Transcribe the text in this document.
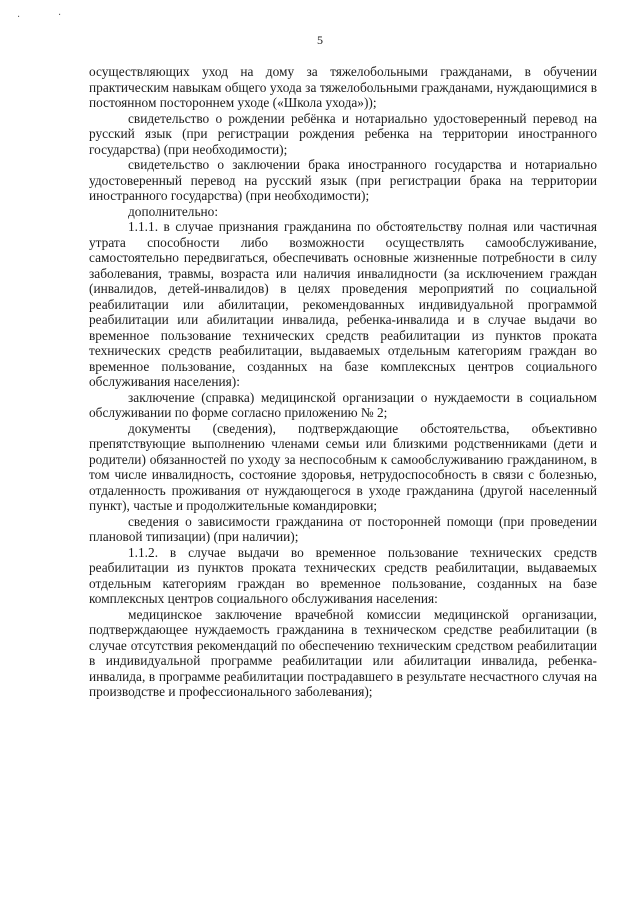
·	·
5

осуществляющих уход на дому за тяжелобольными гражданами, в обучении практическим навыкам общего ухода за тяжелобольными гражданами, нуждающимися в постоянном постороннем уходе («Школа ухода»));

свидетельство о рождении ребёнка и нотариально удостоверенный перевод на русский язык (при регистрации рождения ребенка на территории иностранного государства) (при необходимости);

свидетельство о заключении брака иностранного государства и нотариально удостоверенный перевод на русский язык (при регистрации брака на территории иностранного государства) (при необходимости);

дополнительно:

1.1.1. в случае признания гражданина по обстоятельству полная или частичная утрата способности либо возможности осуществлять самообслуживание, самостоятельно передвигаться, обеспечивать основные жизненные потребности в силу заболевания, травмы, возраста или наличия инвалидности (за исключением граждан (инвалидов, детей-инвалидов) в целях проведения мероприятий по социальной реабилитации или абилитации, рекомендованных индивидуальной программой реабилитации или абилитации инвалида, ребенка-инвалида и в случае выдачи во временное пользование технических средств реабилитации из пунктов проката технических средств реабилитации, выдаваемых отдельным категориям граждан во временное пользование, созданных на базе комплексных центров социального обслуживания населения):

заключение (справка) медицинской организации о нуждаемости в социальном обслуживании по форме согласно приложению № 2;

документы (сведения), подтверждающие обстоятельства, объективно препятствующие выполнению членами семьи или близкими родственниками (дети и родители) обязанностей по уходу за неспособным к самообслуживанию гражданином, в том числе инвалидность, состояние здоровья, нетрудоспособность в связи с болезнью, отдаленность проживания от нуждающегося в уходе гражданина (другой населенный пункт), частые и продолжительные командировки;

сведения о зависимости гражданина от посторонней помощи (при проведении плановой типизации) (при наличии);

1.1.2. в случае выдачи во временное пользование технических средств реабилитации из пунктов проката технических средств реабилитации, выдаваемых отдельным категориям граждан во временное пользование, созданных на базе комплексных центров социального обслуживания населения:

медицинское заключение врачебной комиссии медицинской организации, подтверждающее нуждаемость гражданина в техническом средстве реабилитации (в случае отсутствия рекомендаций по обеспечению техническим средством реабилитации в индивидуальной программе реабилитации или абилитации инвалида, ребенка-инвалида, в программе реабилитации пострадавшего в результате несчастного случая на производстве и профессионального заболевания);
